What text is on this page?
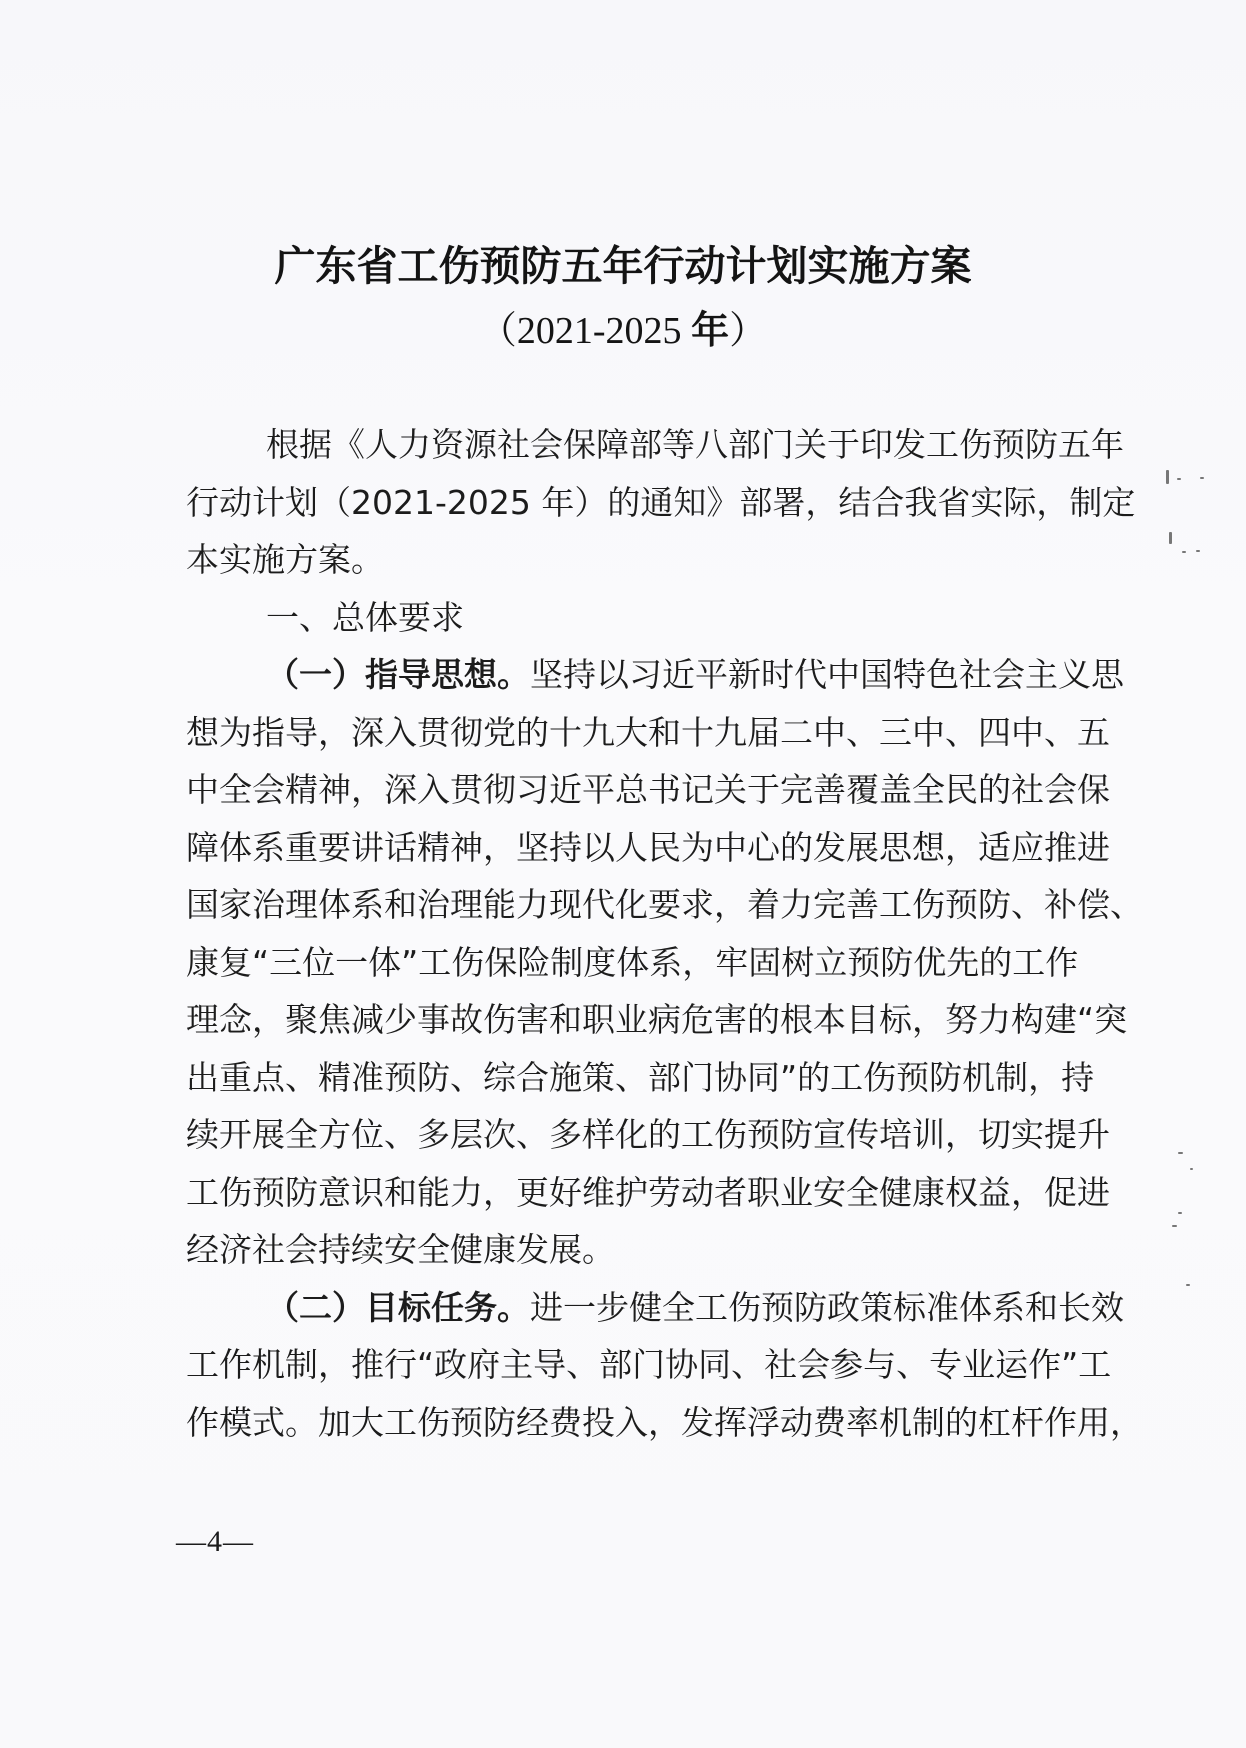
广东省工伤预防五年行动计划实施方案
（2021-2025 年）
根据《人力资源社会保障部等八部门关于印发工伤预防五年
行动计划（2021-2025 年）的通知》部署，结合我省实际，制定
本实施方案。
一、总体要求
（一）指导思想。坚持以习近平新时代中国特色社会主义思
想为指导，深入贯彻党的十九大和十九届二中、三中、四中、五
中全会精神，深入贯彻习近平总书记关于完善覆盖全民的社会保
障体系重要讲话精神，坚持以人民为中心的发展思想，适应推进
国家治理体系和治理能力现代化要求，着力完善工伤预防、补偿、
康复“三位一体”工伤保险制度体系，牢固树立预防优先的工作
理念，聚焦减少事故伤害和职业病危害的根本目标，努力构建“突
出重点、精准预防、综合施策、部门协同”的工伤预防机制，持
续开展全方位、多层次、多样化的工伤预防宣传培训，切实提升
工伤预防意识和能力，更好维护劳动者职业安全健康权益，促进
经济社会持续安全健康发展。
（二）目标任务。进一步健全工伤预防政策标准体系和长效
工作机制，推行“政府主导、部门协同、社会参与、专业运作”工
作模式。加大工伤预防经费投入，发挥浮动费率机制的杠杆作用，
—4—
